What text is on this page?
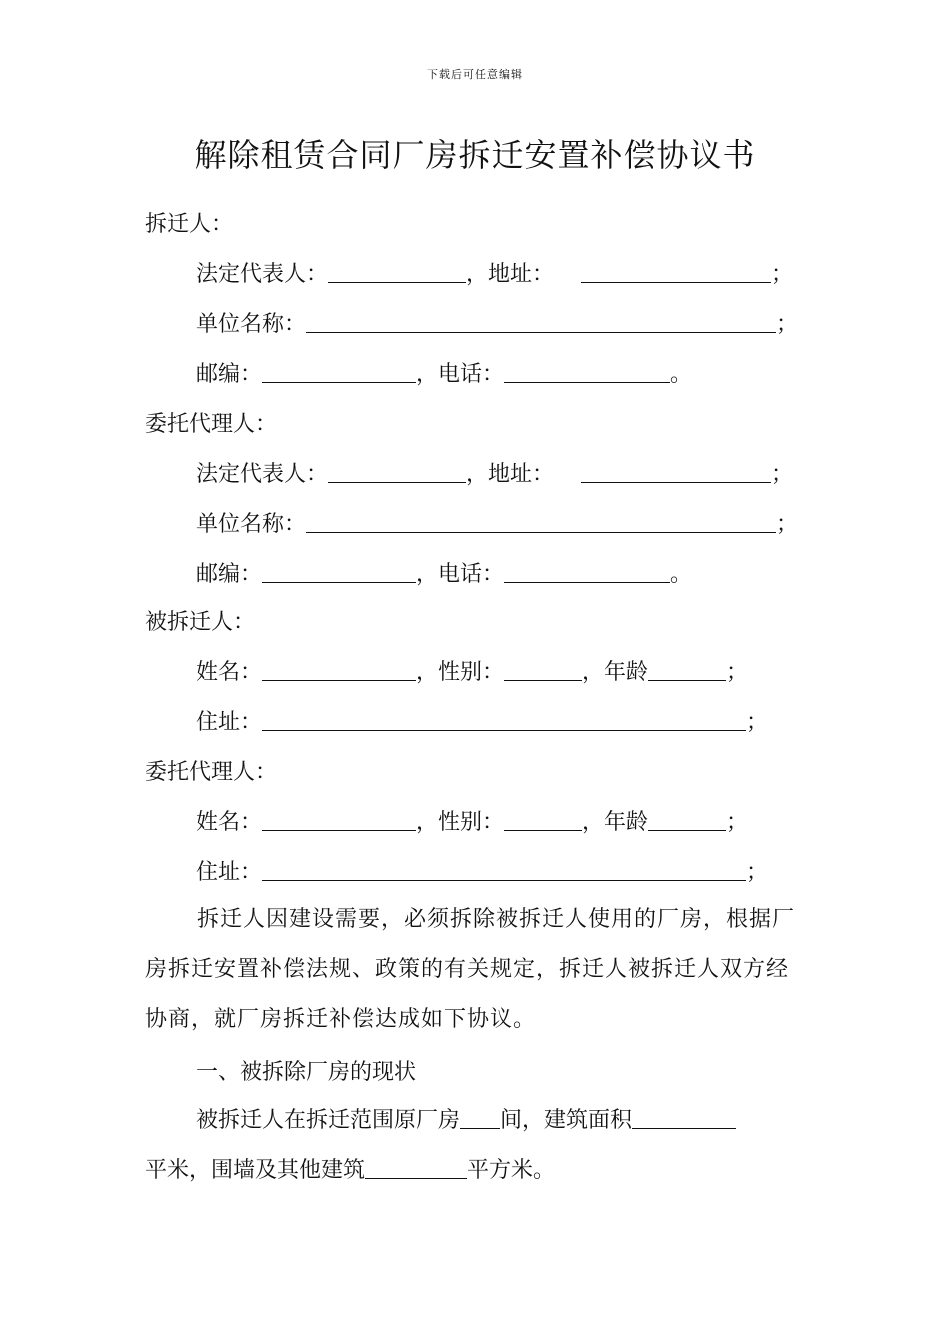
下载后可任意编辑
解除租赁合同厂房拆迁安置补偿协议书
拆迁人：
法定代表人：	，地址：	；
单位名称：	；
邮编：	，电话：	。
委托代理人：
法定代表人：	，地址：	；
单位名称：	；
邮编：	，电话：	。
被拆迁人：
姓名：	，性别：	，年龄	；
住址：	；
委托代理人：
姓名：	，性别：	，年龄	；
住址：	；
拆迁人因建设需要，必须拆除被拆迁人使用的厂房，根据厂房拆迁安置补偿法规、政策的有关规定，拆迁人被拆迁人双方经协商，就厂房拆迁补偿达成如下协议。
一、被拆除厂房的现状
被拆迁人在拆迁范围原厂房 间，建筑面积
平米，围墙及其他建筑	平方米。
